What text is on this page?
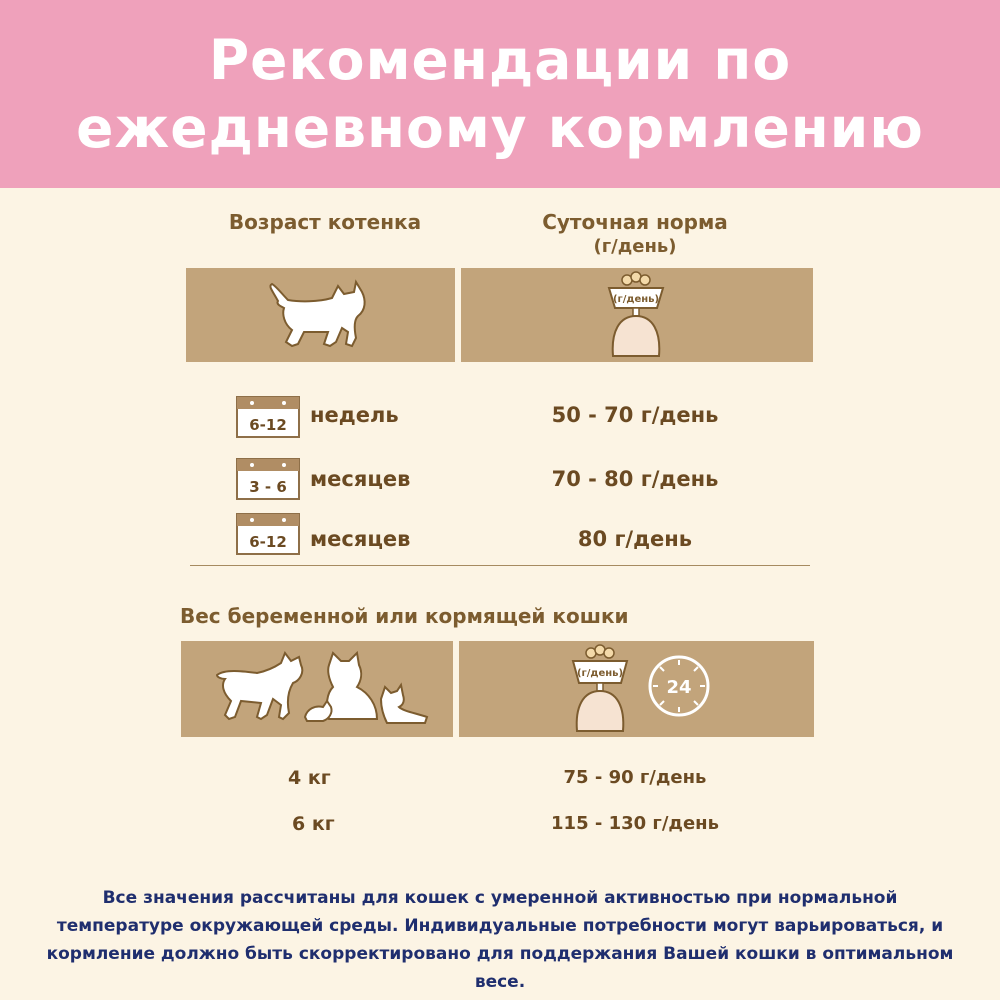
Рекомендации по
ежедневному кормлению
Возраст котенка	Суточная норма
(г/день)
(г/день)
6-12 недель	50 - 70 г/день
3 - 6 месяцев	70 - 80 г/день
6-12 месяцев	80 г/день
Вес беременной или кормящей кошки
(г/день)
24
4 кг	75 - 90 г/день
6 кг	115 - 130 г/день
Все значения рассчитаны для кошек с умеренной активностью при нормальной температуре окружающей среды. Индивидуальные потребности могут варьироваться, и кормление должно быть скорректировано для поддержания Вашей кошки в оптимальном весе.
